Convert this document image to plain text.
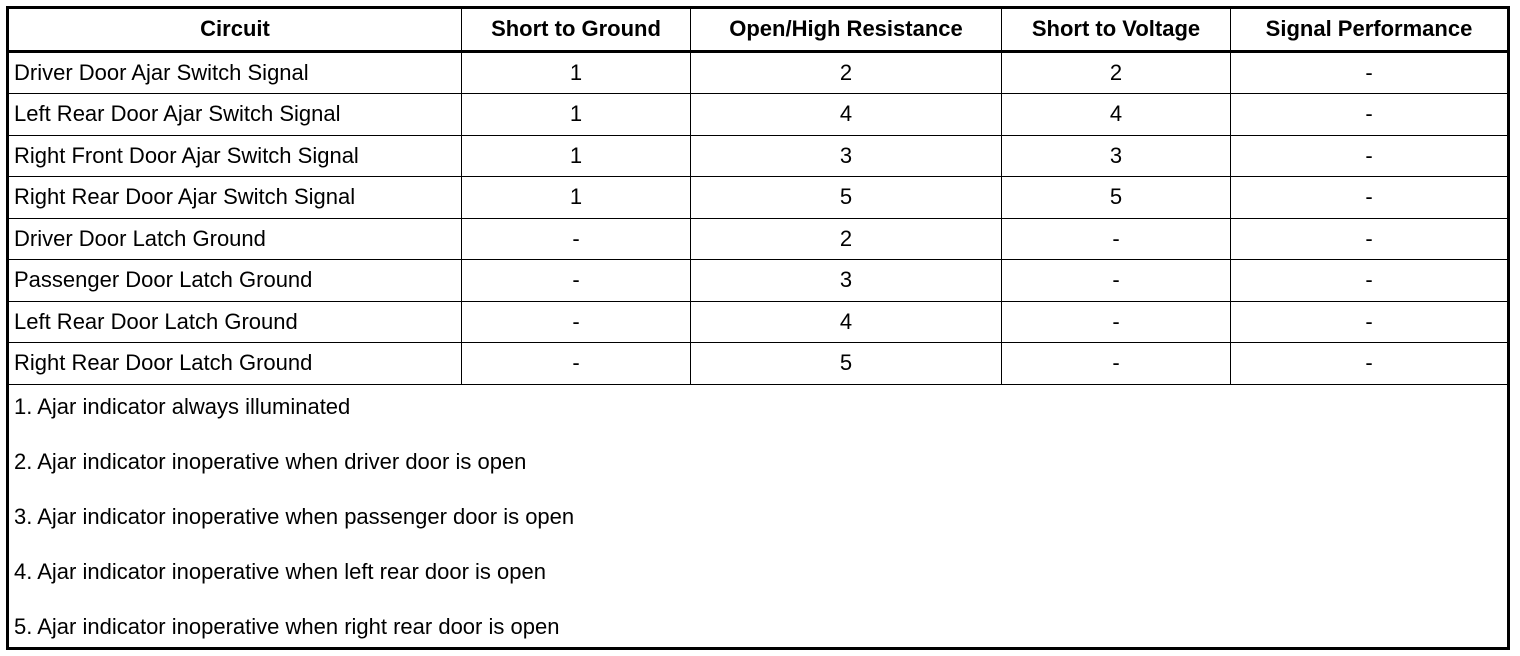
Circuit	Short to Ground	Open/High Resistance	Short to Voltage	Signal Performance
Driver Door Ajar Switch Signal	1	2	2	-
Left Rear Door Ajar Switch Signal	1	4	4	-
Right Front Door Ajar Switch Signal	1	3	3	-
Right Rear Door Ajar Switch Signal	1	5	5	-
Driver Door Latch Ground	-	2	-	-
Passenger Door Latch Ground	-	3	-	-
Left Rear Door Latch Ground	-	4	-	-
Right Rear Door Latch Ground	-	5	-	-

1. Ajar indicator always illuminated
2. Ajar indicator inoperative when driver door is open
3. Ajar indicator inoperative when passenger door is open
4. Ajar indicator inoperative when left rear door is open
5. Ajar indicator inoperative when right rear door is open				
